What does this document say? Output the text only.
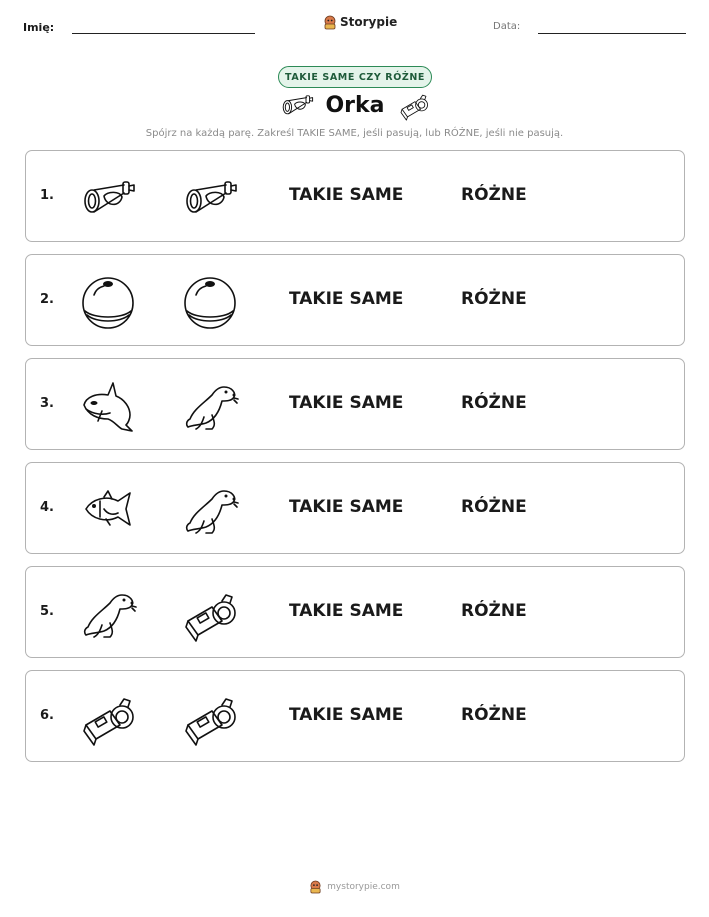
Imię:	Storypie	Data:
TAKIE SAME CZY RÓŻNE
Orka
Spójrz na każdą parę. Zakreśl TAKIE SAME, jeśli pasują, lub RÓŻNE, jeśli nie pasują.
1.	TAKIE SAME	RÓŻNE
2.	TAKIE SAME	RÓŻNE
3.	TAKIE SAME	RÓŻNE
4.	TAKIE SAME	RÓŻNE
5.	TAKIE SAME	RÓŻNE
6.	TAKIE SAME	RÓŻNE
mystorypie.com
